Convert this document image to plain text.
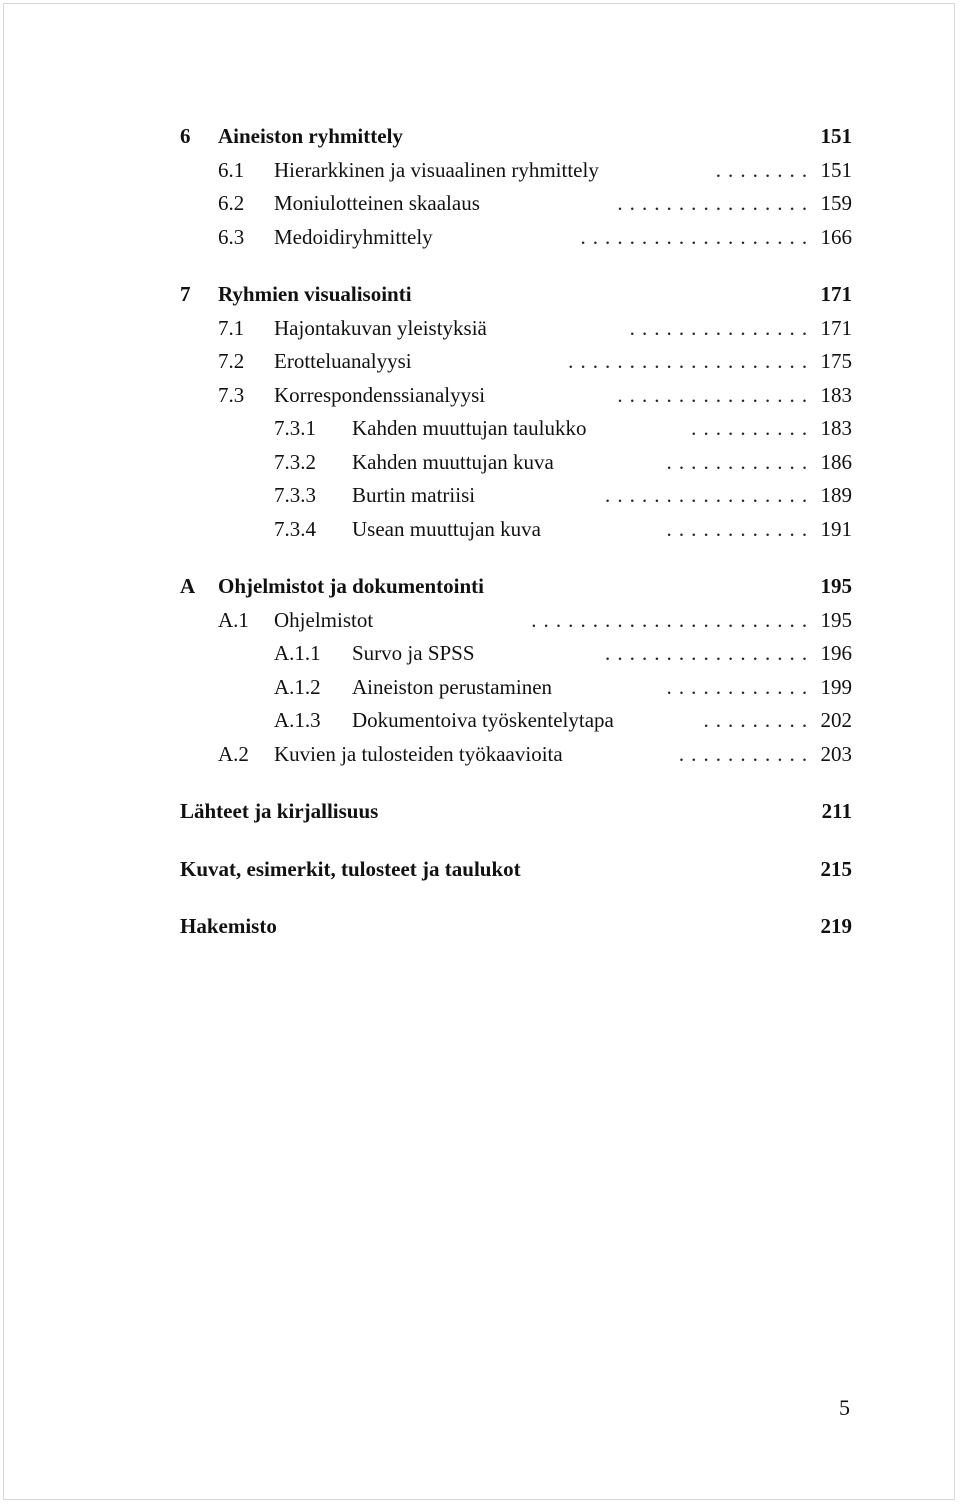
6 Aineiston ryhmittely	151
6.1 Hierarkkinen ja visuaalinen ryhmittely	. . . . . . . . 151
6.2 Moniulotteinen skaalaus	. . . . . . . . . . . . . . . . 159
6.3 Medoidiryhmittely	. . . . . . . . . . . . . . . . . . . 166
7 Ryhmien visualisointi	171
7.1 Hajontakuvan yleistyksiä	. . . . . . . . . . . . . . . 171
7.2 Erotteluanalyysi	. . . . . . . . . . . . . . . . . . . . 175
7.3 Korrespondenssianalyysi	. . . . . . . . . . . . . . . . 183
7.3.1 Kahden muuttujan taulukko	. . . . . . . . . . 183
7.3.2 Kahden muuttujan kuva	. . . . . . . . . . . . 186
7.3.3 Burtin matriisi	. . . . . . . . . . . . . . . . . 189
7.3.4 Usean muuttujan kuva	. . . . . . . . . . . . 191
A Ohjelmistot ja dokumentointi	195
A.1 Ohjelmistot	. . . . . . . . . . . . . . . . . . . . . . . 195
A.1.1 Survo ja SPSS	. . . . . . . . . . . . . . . . . 196
A.1.2 Aineiston perustaminen	. . . . . . . . . . . . 199
A.1.3 Dokumentoiva työskentelytapa	. . . . . . . . . 202
A.2 Kuvien ja tulosteiden työkaavioita	. . . . . . . . . . . 203
Lähteet ja kirjallisuus	211
Kuvat, esimerkit, tulosteet ja taulukot	215
Hakemisto	219
5
